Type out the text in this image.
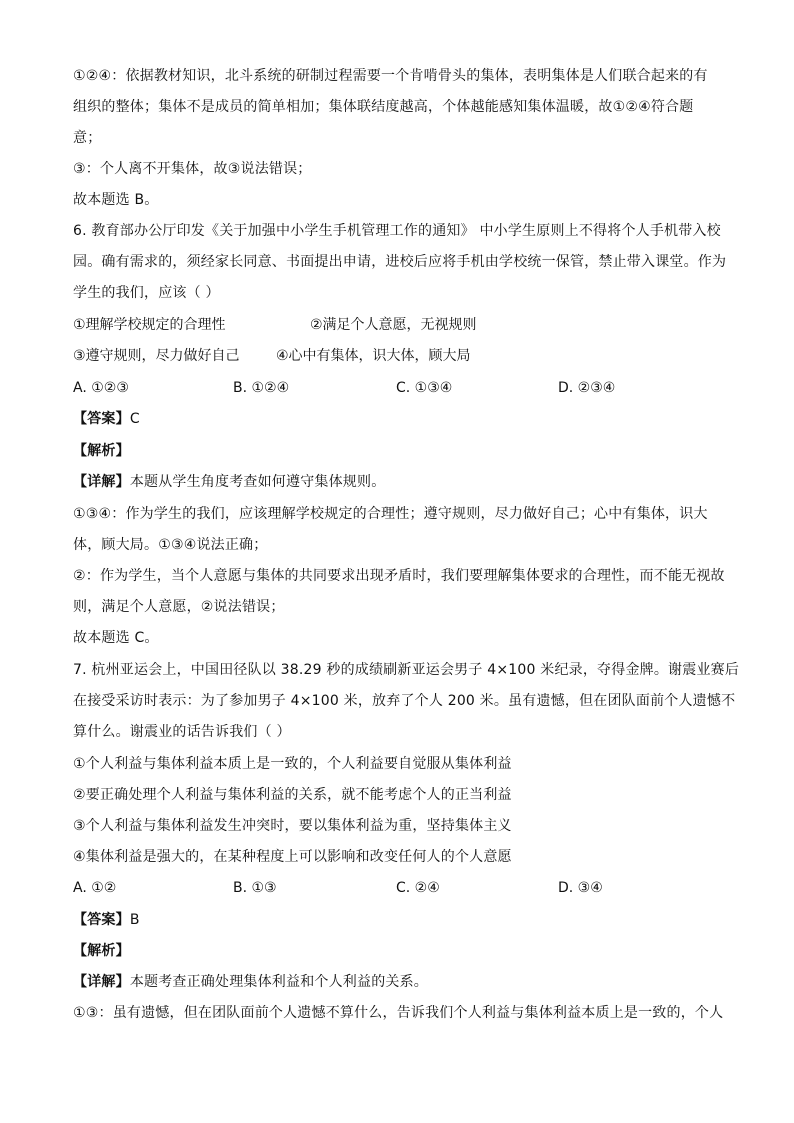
①②④：依据教材知识，北斗系统的研制过程需要一个肯啃骨头的集体，表明集体是人们联合起来的有
组织的整体；集体不是成员的简单相加；集体联结度越高，个体越能感知集体温暖，故①②④符合题
意；
③：个人离不开集体，故③说法错误；
故本题选 B。
6. 教育部办公厅印发《关于加强中小学生手机管理工作的通知》 中小学生原则上不得将个人手机带入校
园。确有需求的，须经家长同意、书面提出申请，进校后应将手机由学校统一保管，禁止带入课堂。作为
学生的我们，应该（ ）
①理解学校规定的合理性	②满足个人意愿，无视规则
③遵守规则，尽力做好自己	④心中有集体，识大体，顾大局
A. ①②③	B. ①②④	C. ①③④	D. ②③④
【答案】C
【解析】
【详解】本题从学生角度考查如何遵守集体规则。
①③④：作为学生的我们，应该理解学校规定的合理性；遵守规则，尽力做好自己；心中有集体，识大
体，顾大局。①③④说法正确；
②：作为学生，当个人意愿与集体的共同要求出现矛盾时，我们要理解集体要求的合理性，而不能无视故
则，满足个人意愿，②说法错误；
故本题选 C。
7. 杭州亚运会上，中国田径队以 38.29 秒的成绩刷新亚运会男子 4×100 米纪录，夺得金牌。谢震业赛后
在接受采访时表示：为了参加男子 4×100 米，放弃了个人 200 米。虽有遗憾，但在团队面前个人遗憾不
算什么。谢震业的话告诉我们（ ）
①个人利益与集体利益本质上是一致的，个人利益要自觉服从集体利益
②要正确处理个人利益与集体利益的关系，就不能考虑个人的正当利益
③个人利益与集体利益发生冲突时，要以集体利益为重，坚持集体主义
④集体利益是强大的，在某种程度上可以影响和改变任何人的个人意愿
A. ①②	B. ①③	C. ②④	D. ③④
【答案】B
【解析】
【详解】本题考查正确处理集体利益和个人利益的关系。
①③：虽有遗憾，但在团队面前个人遗憾不算什么，告诉我们个人利益与集体利益本质上是一致的，个人
